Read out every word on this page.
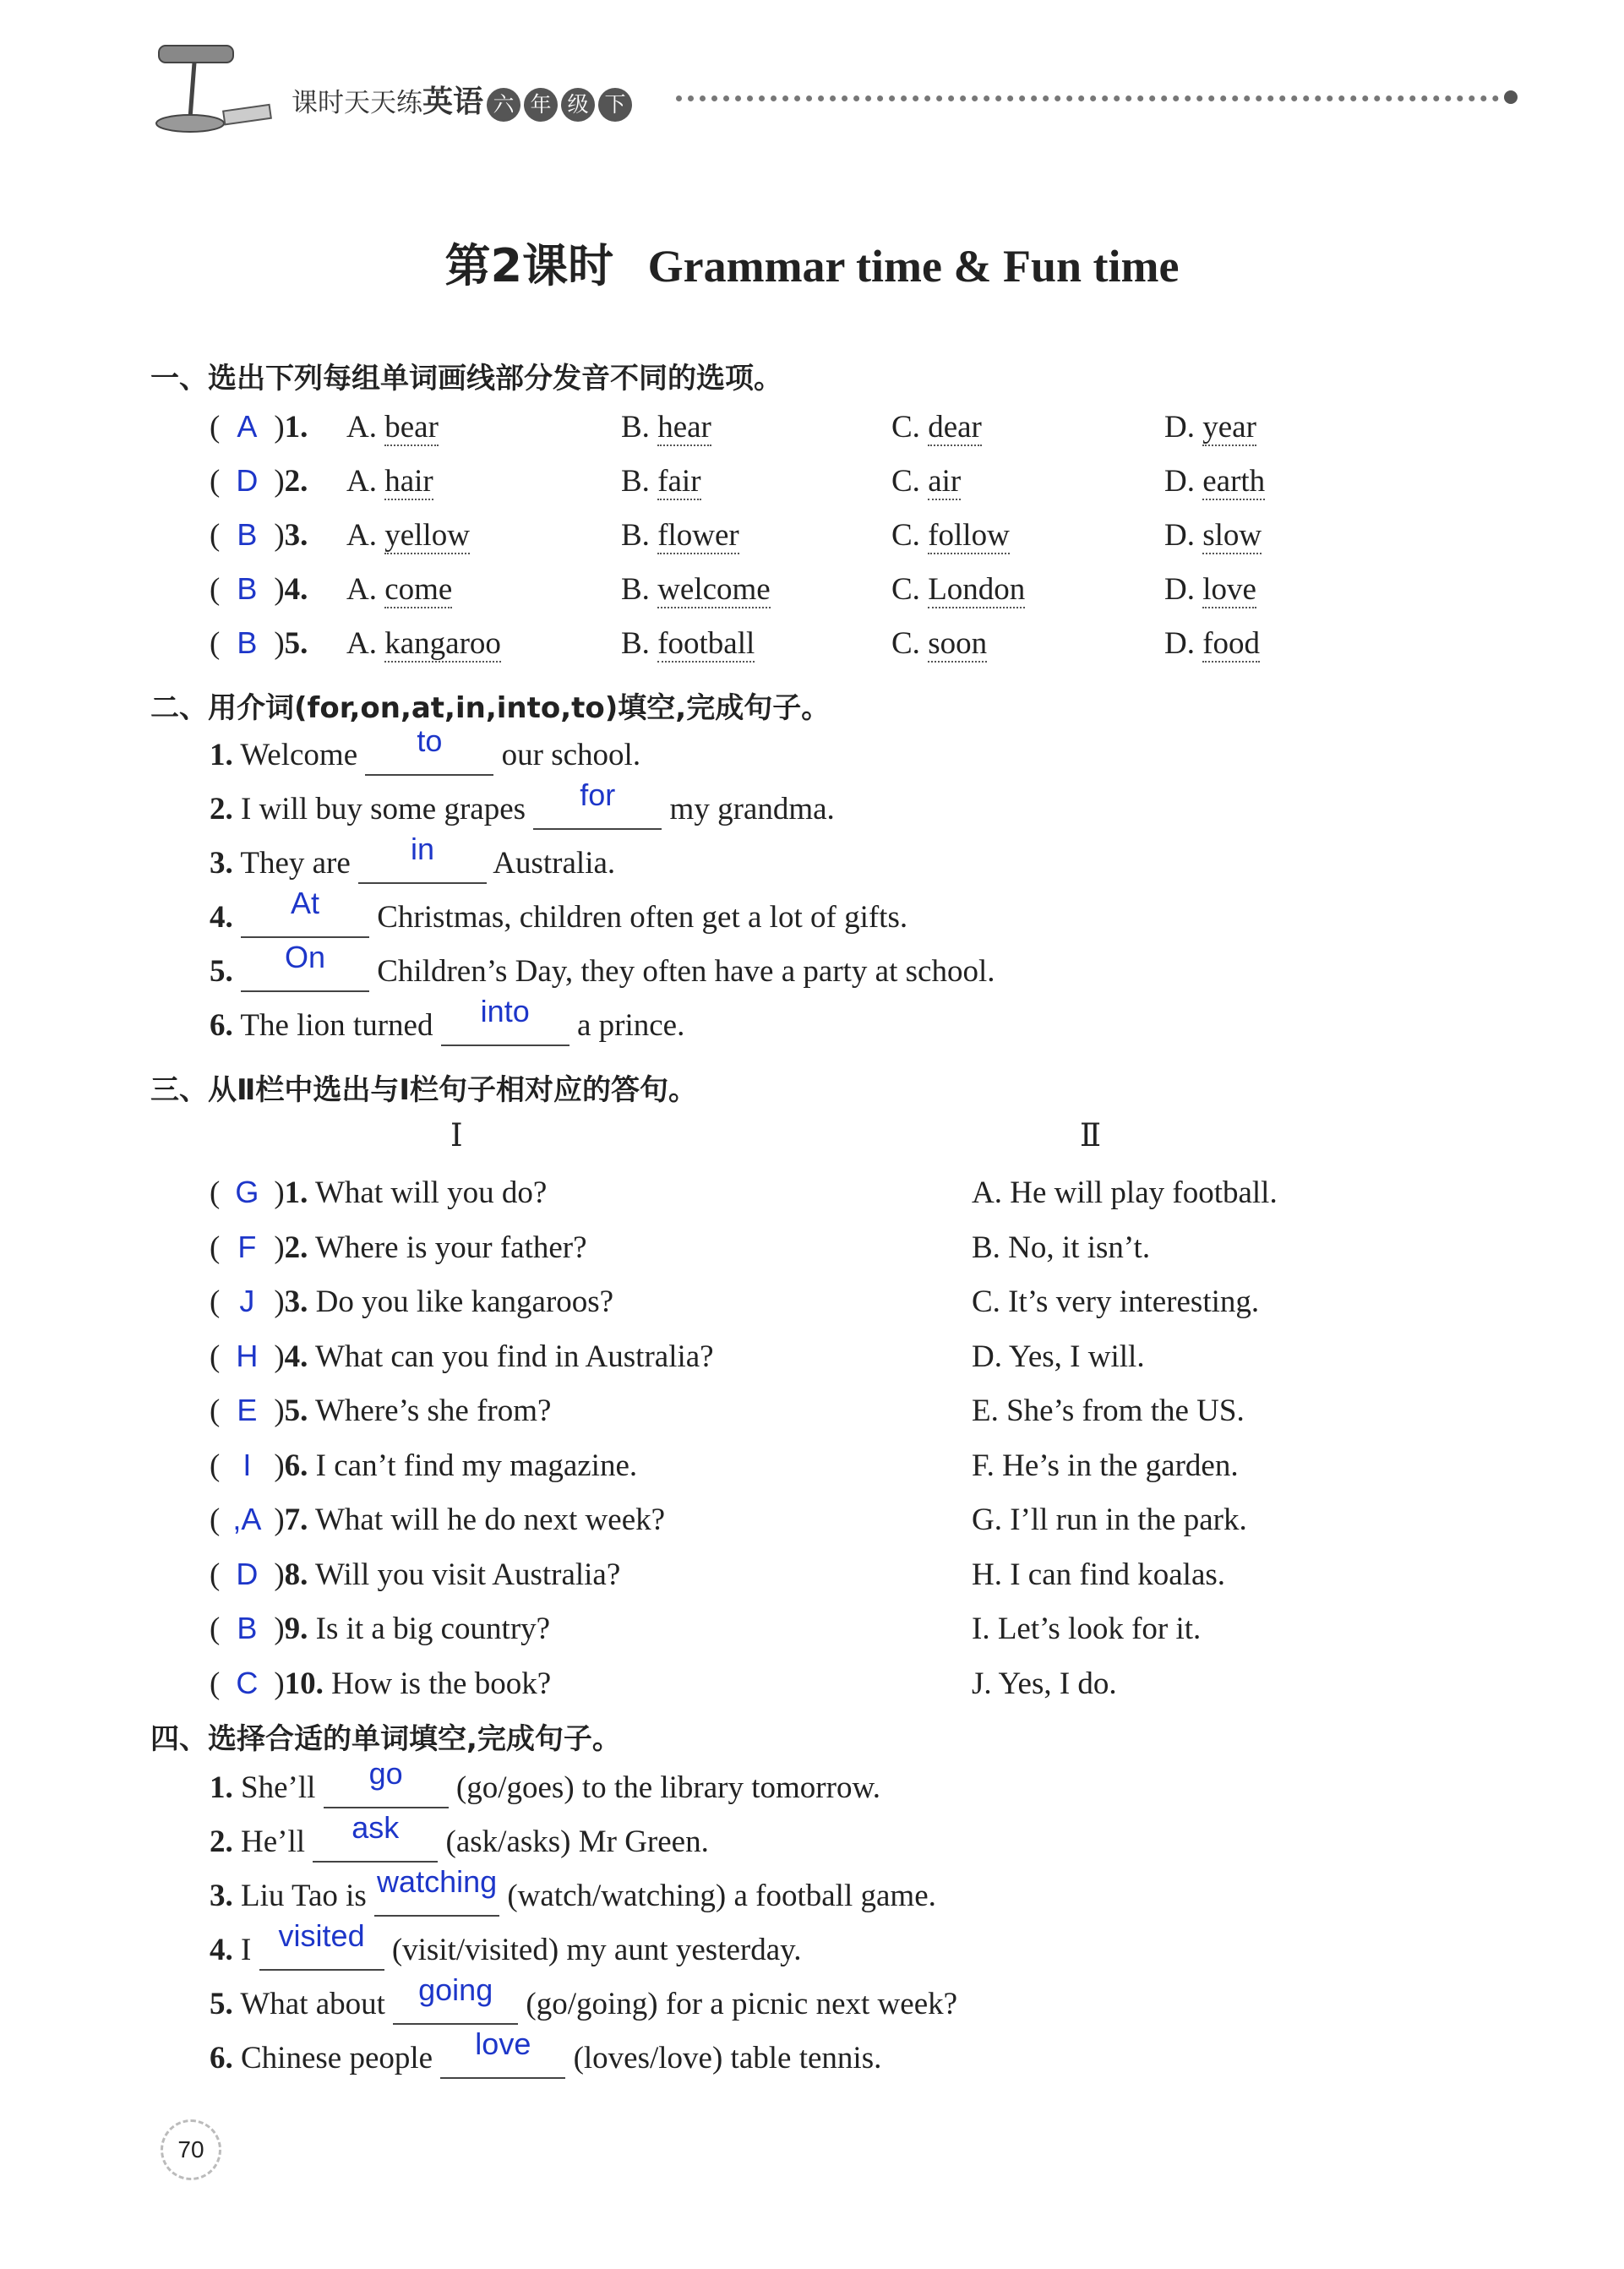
课时天天练英语 六 年 级 下
第2课时 Grammar time & Fun time
一、选出下列每组单词画线部分发音不同的选项。
( A )1. A. bear	B. hear	C. dear	D. year
( D )2. A. hair	B. fair	C. air	D. earth
( B )3. A. yellow	B. flower	C. follow	D. slow
( B )4. A. come	B. welcome	C. London	D. love
( B )5. A. kangaroo	B. football	C. soon	D. food
二、用介词(for,on,at,in,into,to)填空,完成句子。
1. Welcome to our school.
2. I will buy some grapes for my grandma.
3. They are in Australia.
4. At Christmas, children often get a lot of gifts.
5. On Children’s Day, they often have a party at school.
6. The lion turned into a prince.
三、从Ⅱ栏中选出与Ⅰ栏句子相对应的答句。
Ⅰ	Ⅱ
( G )1. What will you do?	A. He will play football.
( F )2. Where is your father?	B. No, it isn’t.
( J )3. Do you like kangaroos?	C. It’s very interesting.
( H )4. What can you find in Australia?	D. Yes, I will.
( E )5. Where’s she from?	E. She’s from the US.
( I )6. I can’t find my magazine.	F. He’s in the garden.
( ,A )7. What will he do next week?	G. I’ll run in the park.
( D )8. Will you visit Australia?	H. I can find koalas.
( B )9. Is it a big country?	I. Let’s look for it.
( C )10. How is the book?	J. Yes, I do.
四、选择合适的单词填空,完成句子。
1. She’ll go (go/goes) to the library tomorrow.
2. He’ll ask (ask/asks) Mr Green.
3. Liu Tao is watching (watch/watching) a football game.
4. I visited (visit/visited) my aunt yesterday.
5. What about going (go/going) for a picnic next week?
6. Chinese people love (loves/love) table tennis.
70
